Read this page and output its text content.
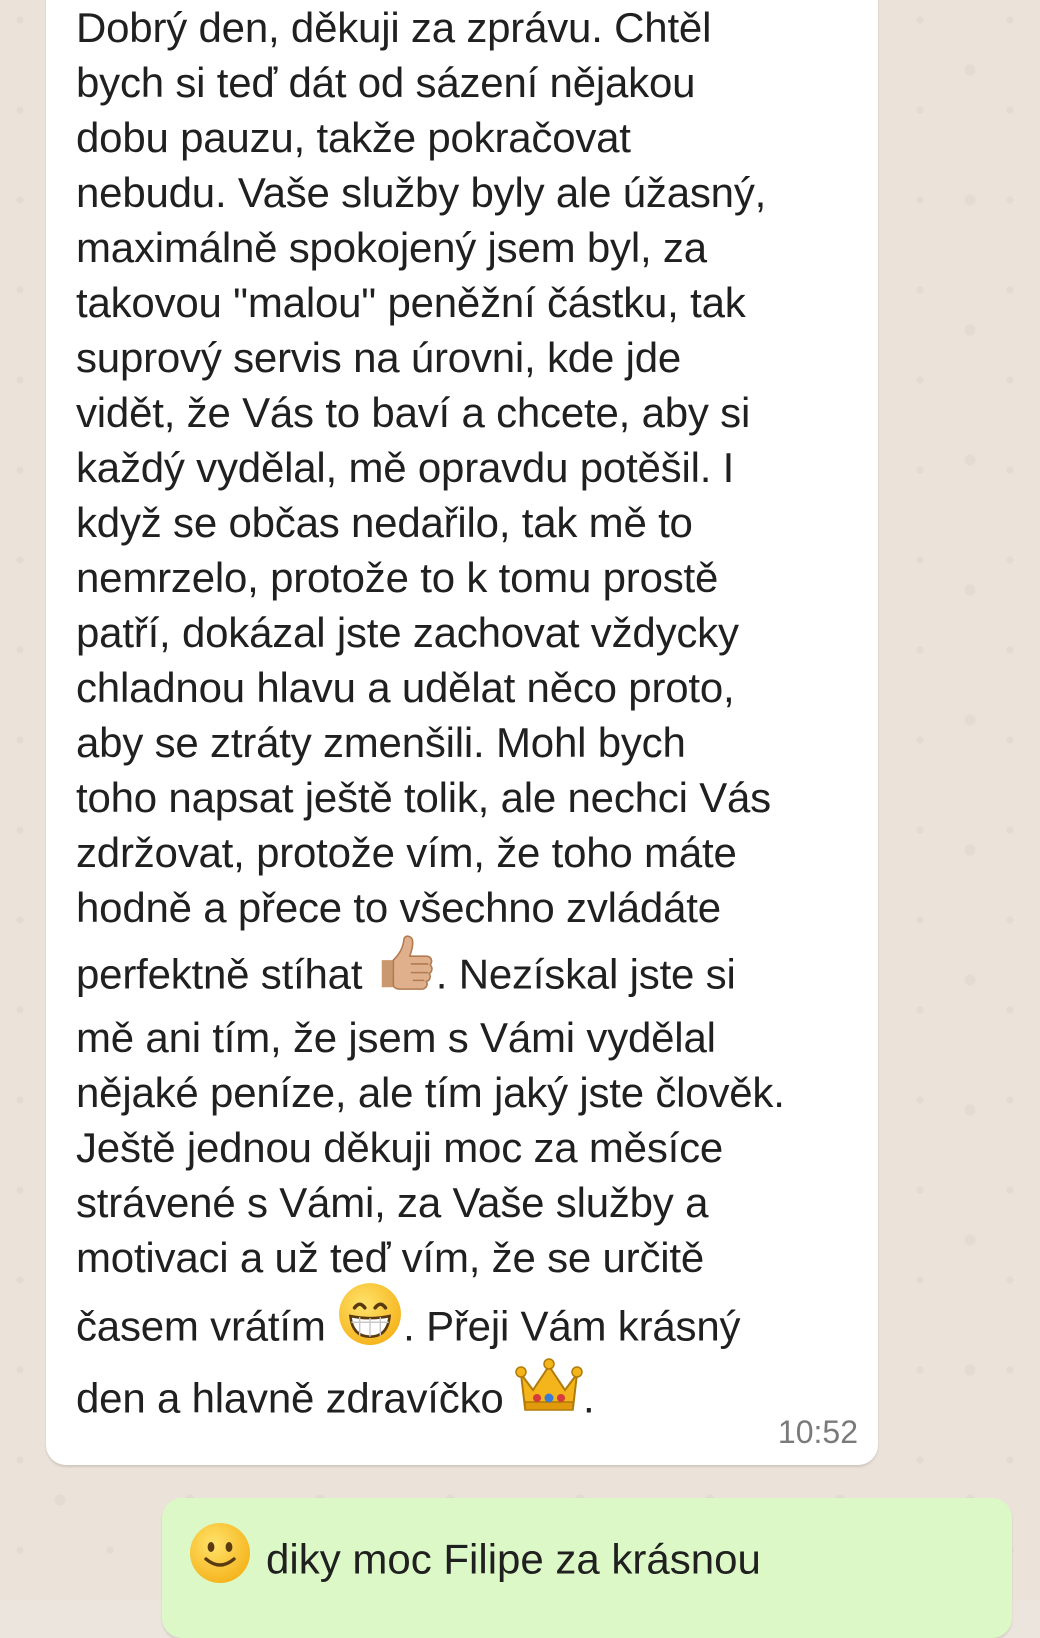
Dobrý den, děkuji za zprávu. Chtěl
bych si teď dát od sázení nějakou
dobu pauzu, takže pokračovat
nebudu. Vaše služby byly ale úžasný,
maximálně spokojený jsem byl, za
takovou "malou" peněžní částku, tak
suprový servis na úrovni, kde jde
vidět, že Vás to baví a chcete, aby si
každý vydělal, mě opravdu potěšil. I
když se občas nedařilo, tak mě to
nemrzelo, protože to k tomu prostě
patří, dokázal jste zachovat vždycky
chladnou hlavu a udělat něco proto,
aby se ztráty zmenšili. Mohl bych
toho napsat ještě tolik, ale nechci Vás
zdržovat, protože vím, že toho máte
hodně a přece to všechno zvládáte
perfektně stíhat . Nezískal jste si
mě ani tím, že jsem s Vámi vydělal
nějaké peníze, ale tím jaký jste člověk.
Ještě jednou děkuji moc za měsíce
strávené s Vámi, za Vaše služby a
motivaci a už teď vím, že se určitě
časem vrátím . Přeji Vám krásný
den a hlavně zdravíčko .
10:52
diky moc Filipe za krásnou
